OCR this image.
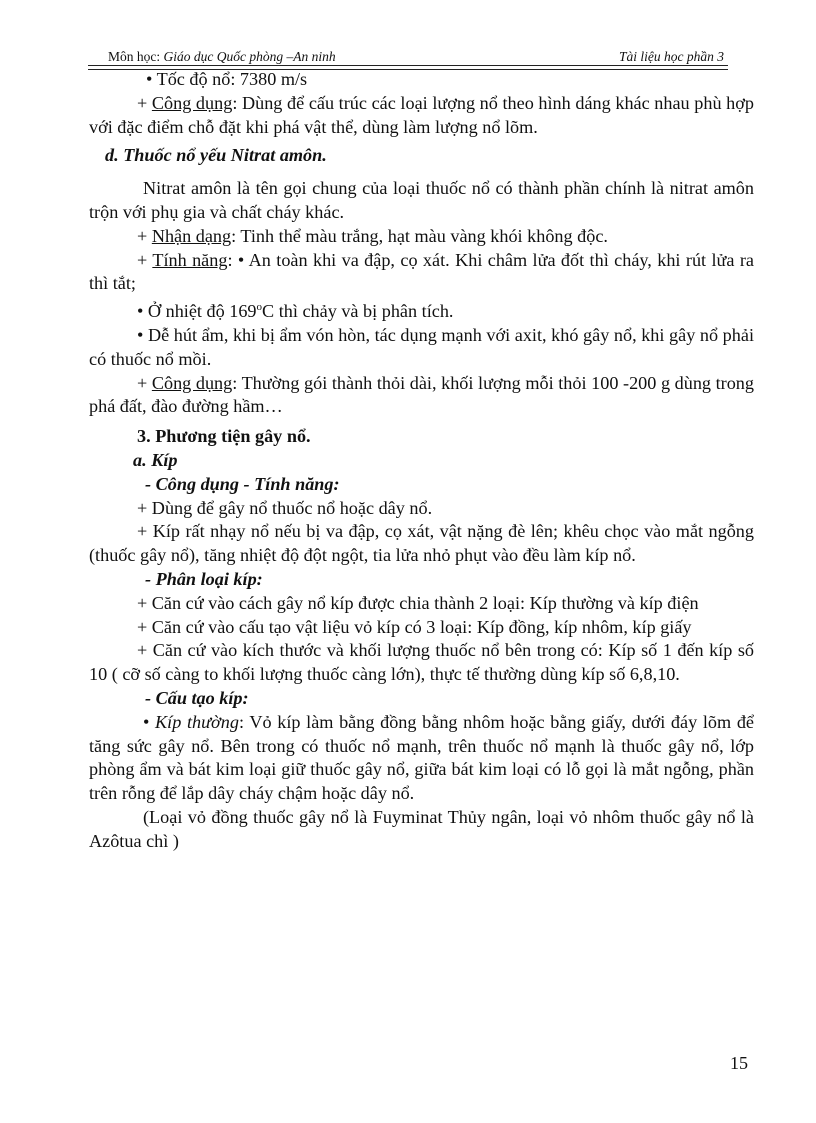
Môn học: Giáo dục Quốc phòng –An ninh	Tài liệu học phần 3

• Tốc độ nổ: 7380 m/s

+ Công dụng: Dùng để cấu trúc các loại lượng nổ theo hình dáng khác nhau phù hợp với đặc điểm chỗ đặt khi phá vật thể, dùng làm lượng nổ lõm.

d. Thuốc nổ yếu Nitrat amôn.

Nitrat amôn là tên gọi chung của loại thuốc nổ có thành phần chính là nitrat amôn trộn với phụ gia và chất cháy khác.

+ Nhận dạng: Tinh thể màu trắng, hạt màu vàng khói không độc.

+ Tính năng: • An toàn khi va đập, cọ xát. Khi châm lửa đốt thì cháy, khi rút lửa ra thì tắt;

• Ở nhiệt độ 169$^o$C thì chảy và bị phân tích.

• Dễ hút ẩm, khi bị ẩm vón hòn, tác dụng mạnh với axit, khó gây nổ, khi gây nổ phải có thuốc nổ mồi.

+ Công dụng: Thường gói thành thỏi dài, khối lượng mỗi thỏi 100 -200 g dùng trong phá đất, đào đường hầm…

3. Phương tiện gây nổ.

a. Kíp

- Công dụng - Tính năng:

+ Dùng để gây nổ thuốc nổ hoặc dây nổ.

+ Kíp rất nhạy nổ nếu bị va đập, cọ xát, vật nặng đè lên; khêu chọc vào mắt ngỗng (thuốc gây nổ), tăng nhiệt độ đột ngột, tia lửa nhỏ phụt vào đều làm kíp nổ.

- Phân loại kíp:

+ Căn cứ vào cách gây nổ kíp được chia thành 2 loại: Kíp thường và kíp điện

+ Căn cứ vào cấu tạo vật liệu vỏ kíp có 3 loại: Kíp đồng, kíp nhôm, kíp giấy

+ Căn cứ vào kích thước và khối lượng thuốc nổ bên trong có: Kíp số 1 đến kíp số 10 ( cỡ số càng to khối lượng thuốc càng lớn), thực tế thường dùng kíp số 6,8,10.

- Cấu tạo kíp:

• Kíp thường: Vỏ kíp làm bằng đồng bằng nhôm hoặc bằng giấy, dưới đáy lõm để tăng sức gây nổ. Bên trong có thuốc nổ mạnh, trên thuốc nổ mạnh là thuốc gây nổ, lớp phòng ẩm và bát kim loại giữ thuốc gây nổ, giữa bát kim loại có lỗ gọi là mắt ngỗng, phần trên rỗng để lắp dây cháy chậm hoặc dây nổ.

(Loại vỏ đồng thuốc gây nổ là Fuyminat Thủy ngân, loại vỏ nhôm thuốc gây nổ là Azôtua chì )

15
